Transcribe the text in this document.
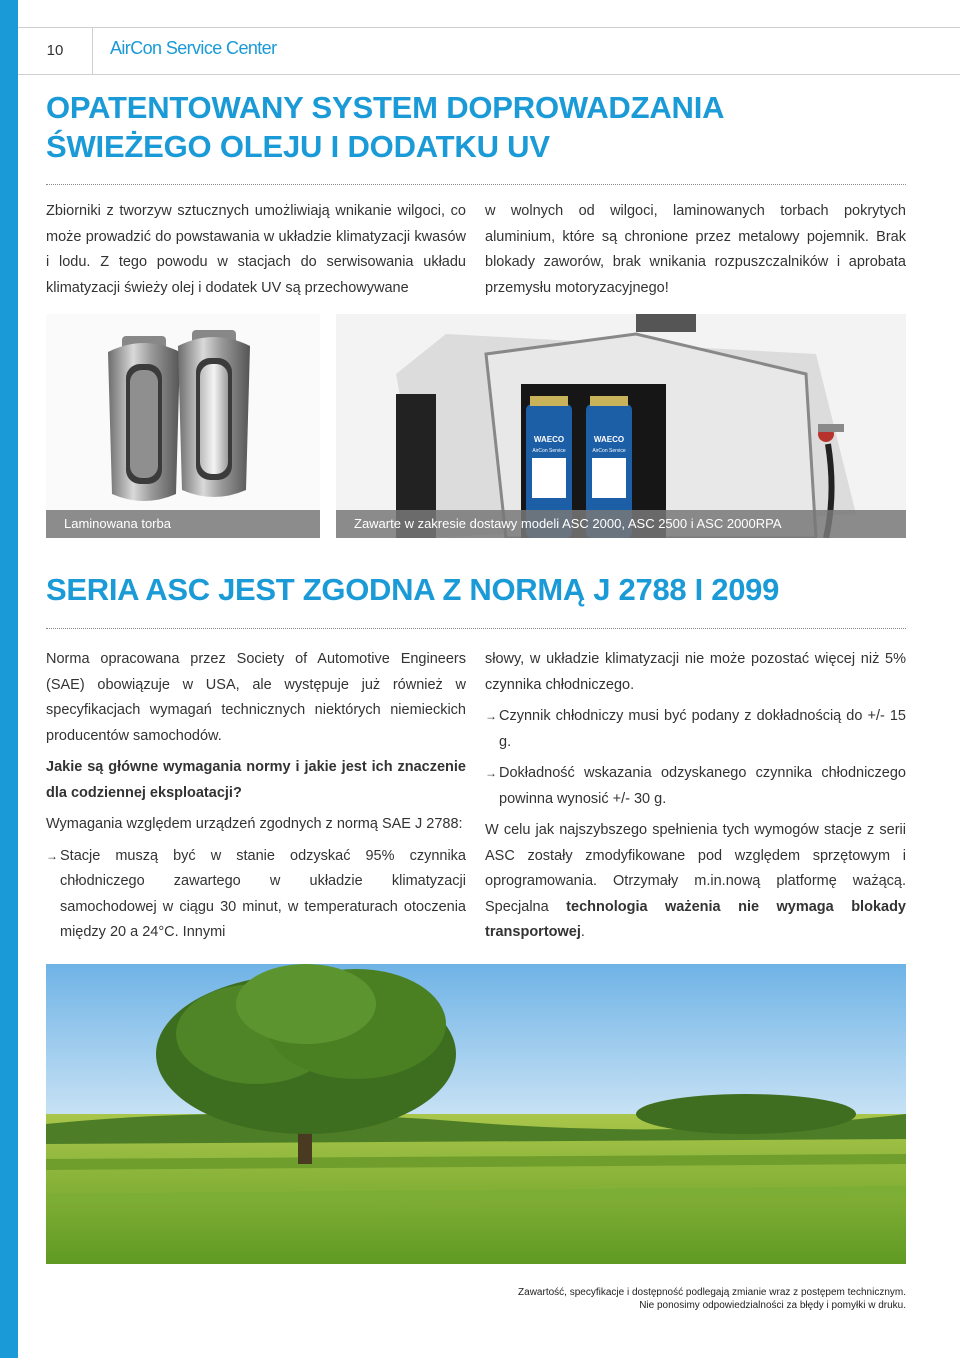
10	AirCon Service Center
OPATENTOWANY SYSTEM DOPROWADZANIA
ŚWIEŻEGO OLEJU I DODATKU UV

Zbiorniki z tworzyw sztucznych umożliwiają wnikanie wilgoci, co może prowadzić do powstawania w układzie klimatyzacji kwasów i lodu. Z tego powodu w stacjach do serwisowania układu klimatyzacji świeży olej i dodatek UV są przechowywane

w wolnych od wilgoci, laminowanych torbach pokrytych aluminium, które są chronione przez metalowy pojemnik. Brak blokady zaworów, brak wnikania rozpuszczalników i aprobata przemysłu motoryzacyjnego!

Laminowana torba
WAECO
AirCon Service
WAECO
AirCon Service
Zawarte w zakresie dostawy modeli ASC 2000, ASC 2500 i ASC 2000RPA
SERIA ASC JEST ZGODNA Z NORMĄ J 2788 I 2099

Norma opracowana przez Society of Automotive Engineers (SAE) obowiązuje w USA, ale występuje już również w specyfikacjach wymagań technicznych niektórych niemieckich producentów samochodów.

Jakie są główne wymagania normy i jakie jest ich znaczenie dla codziennej eksploatacji?

Wymagania względem urządzeń zgodnych z normą SAE J 2788:

→ Stacje muszą być w stanie odzyskać 95% czynnika chłodniczego zawartego w układzie klimatyzacji samochodowej w ciągu 30 minut, w temperaturach otoczenia między 20 a 24°C. Innymi

słowy, w układzie klimatyzacji nie może pozostać więcej niż 5% czynnika chłodniczego.

→ Czynnik chłodniczy musi być podany z dokładnością do +/- 15 g.
→ Dokładność wskazania odzyskanego czynnika chłodniczego powinna wynosić +/- 30 g.

W celu jak najszybszego spełnienia tych wymogów stacje z serii ASC zostały zmodyfikowane pod względem sprzętowym i oprogramowania. Otrzymały m.in.nową platformę ważącą. Specjalna technologia ważenia nie wymaga blokady transportowej.

Zawartość, specyfikacje i dostępność podlegają zmianie wraz z postępem technicznym.
Nie ponosimy odpowiedzialności za błędy i pomyłki w druku.
